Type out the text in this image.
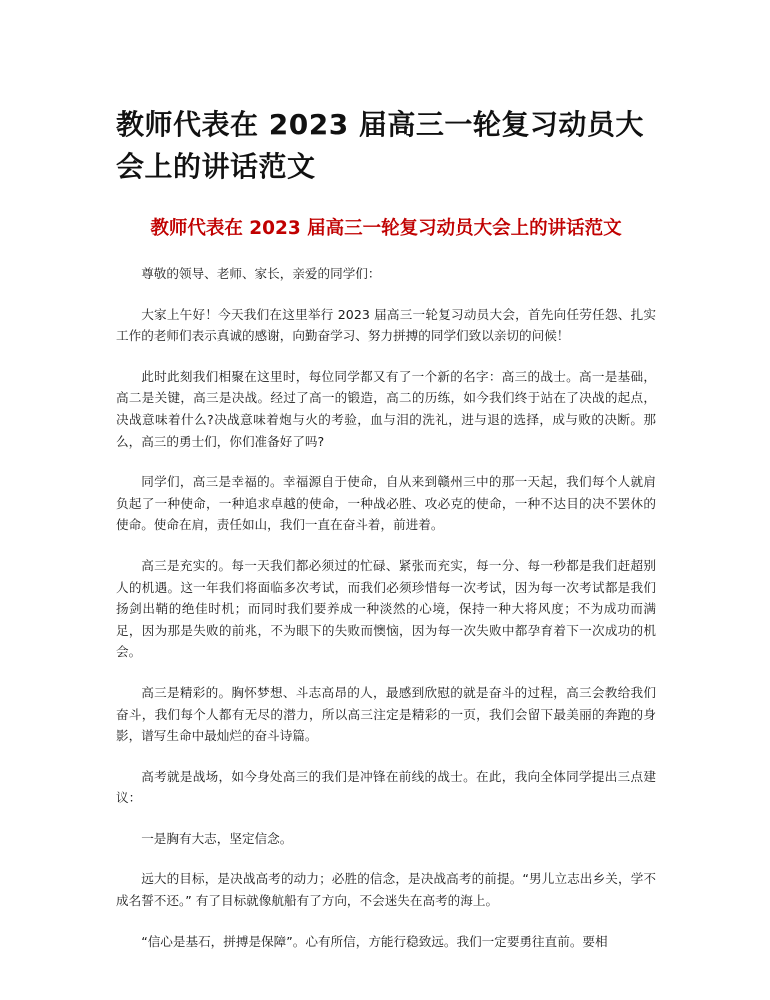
教师代表在 2023 届高三一轮复习动员大会上的讲话范文
教师代表在 2023 届高三一轮复习动员大会上的讲话范文

尊敬的领导、老师、家长，亲爱的同学们：

大家上午好！今天我们在这里举行 2023 届高三一轮复习动员大会，首先向任劳任怨、扎实工作的老师们表示真诚的感谢，向勤奋学习、努力拼搏的同学们致以亲切的问候！

此时此刻我们相聚在这里时，每位同学都又有了一个新的名字：高三的战士。高一是基础，高二是关键，高三是决战。经过了高一的锻造，高二的历练，如今我们终于站在了决战的起点，决战意味着什么?决战意味着炮与火的考验，血与泪的洗礼，进与退的选择，成与败的决断。那么，高三的勇士们，你们准备好了吗?

同学们，高三是幸福的。幸福源自于使命，自从来到赣州三中的那一天起，我们每个人就肩负起了一种使命，一种追求卓越的使命，一种战必胜、攻必克的使命，一种不达目的决不罢休的使命。使命在肩，责任如山，我们一直在奋斗着，前进着。

高三是充实的。每一天我们都必须过的忙碌、紧张而充实，每一分、每一秒都是我们赶超别人的机遇。这一年我们将面临多次考试，而我们必须珍惜每一次考试，因为每一次考试都是我们扬剑出鞘的绝佳时机；而同时我们要养成一种淡然的心境，保持一种大将风度；不为成功而满足，因为那是失败的前兆，不为眼下的失败而懊恼，因为每一次失败中都孕育着下一次成功的机会。

高三是精彩的。胸怀梦想、斗志高昂的人，最感到欣慰的就是奋斗的过程，高三会教给我们奋斗，我们每个人都有无尽的潜力，所以高三注定是精彩的一页，我们会留下最美丽的奔跑的身影，谱写生命中最灿烂的奋斗诗篇。

高考就是战场，如今身处高三的我们是冲锋在前线的战士。在此，我向全体同学提出三点建议：

一是胸有大志，坚定信念。

远大的目标，是决战高考的动力；必胜的信念，是决战高考的前提。“男儿立志出乡关，学不成名誓不还。” 有了目标就像航船有了方向，不会迷失在高考的海上。

“信心是基石，拼搏是保障”。心有所信，方能行稳致远。我们一定要勇往直前。要相
